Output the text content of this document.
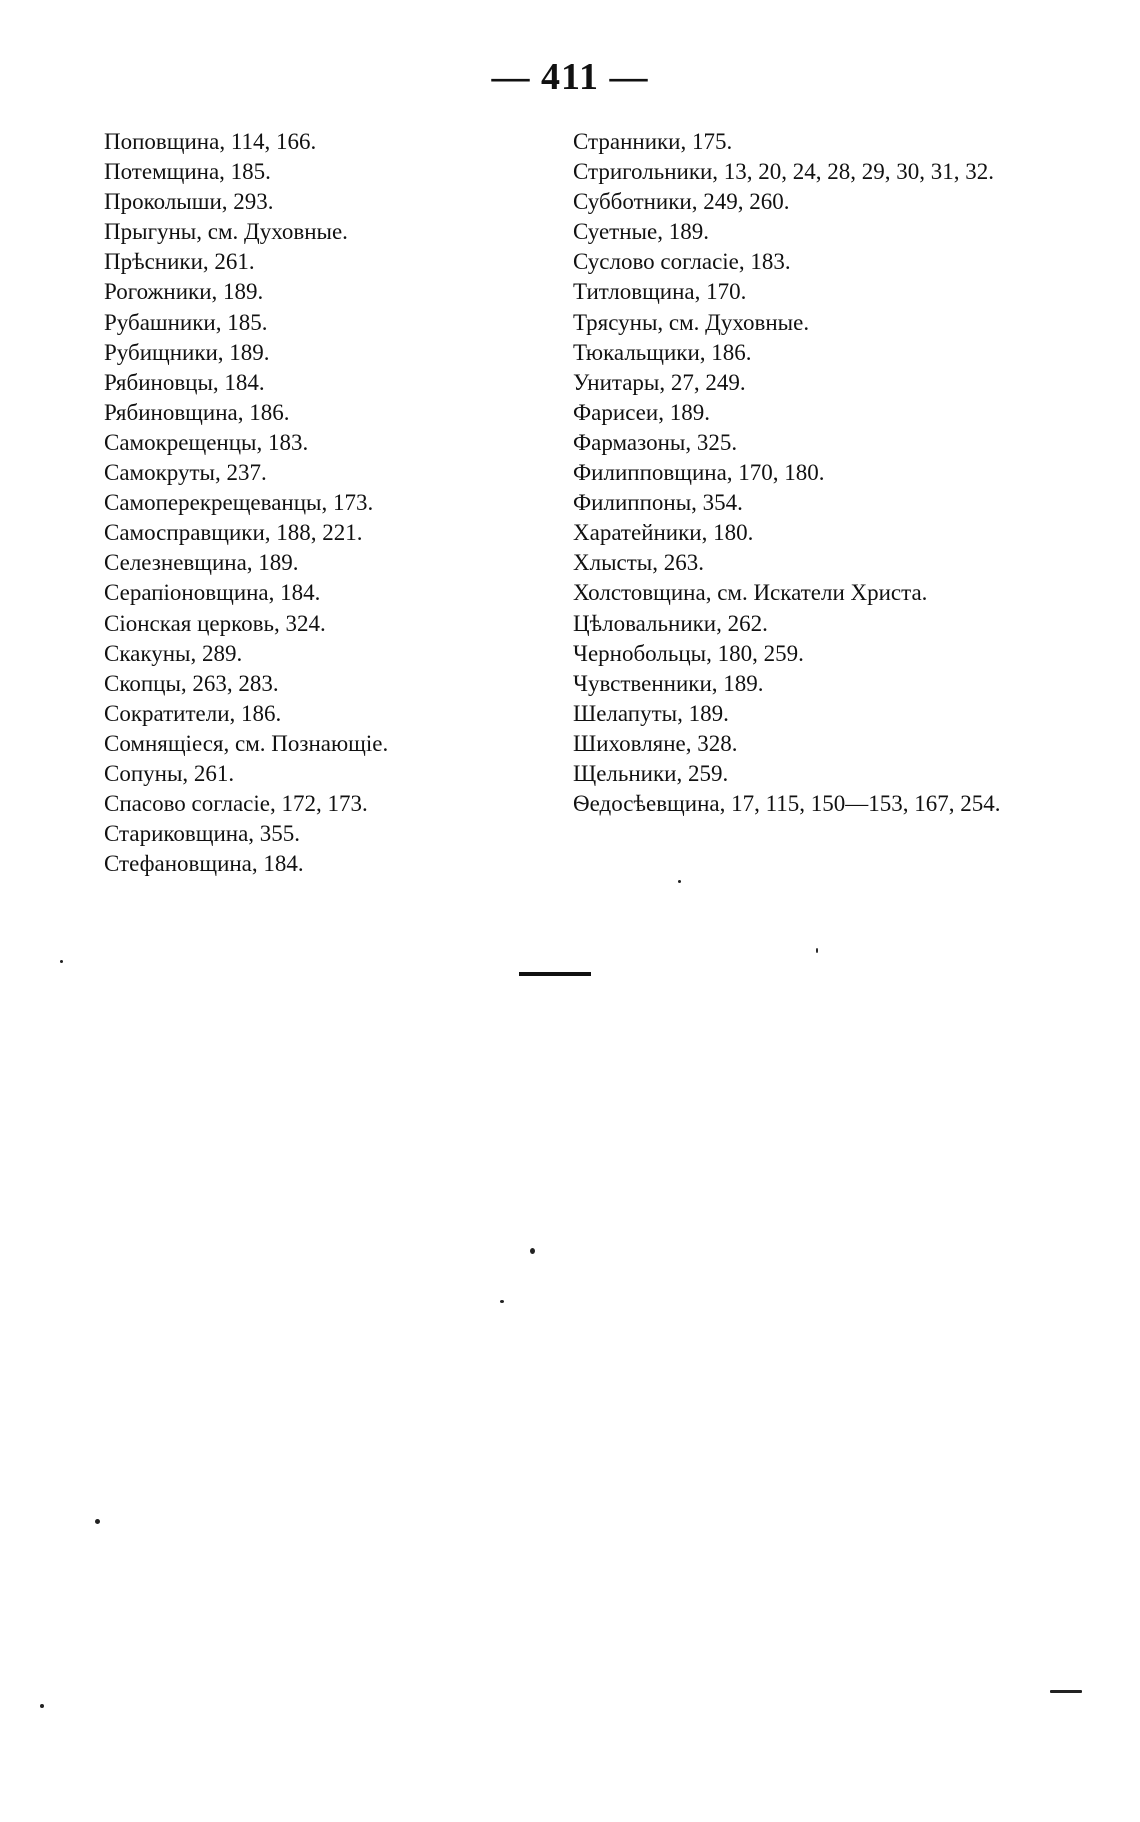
— 411 —
Поповщина, 114, 166.
Потемщина, 185.
Проколыши, 293.
Прыгуны, см. Духовные.
Прѣсники, 261.
Рогожники, 189.
Рубашники, 185.
Рубищники, 189.
Рябиновцы, 184.
Рябиновщина, 186.
Самокрещенцы, 183.
Самокруты, 237.
Самоперекрещеванцы, 173.
Самосправщики, 188, 221.
Селезневщина, 189.
Серапіоновщина, 184.
Сіонская церковь, 324.
Скакуны, 289.
Скопцы, 263, 283.
Сократители, 186.
Сомнящіеся, см. Познающіе.
Сопуны, 261.
Спасово согласіе, 172, 173.
Стариковщина, 355.
Стефановщина, 184.
Странники, 175.
Стригольники, 13, 20, 24, 28, 29, 30, 31, 32.
Субботники, 249, 260.
Суетные, 189.
Суслово согласіе, 183.
Титловщина, 170.
Трясуны, см. Духовные.
Тюкальщики, 186.
Унитары, 27, 249.
Фарисеи, 189.
Фармазоны, 325.
Филипповщина, 170, 180.
Филиппоны, 354.
Харатейники, 180.
Хлысты, 263.
Холстовщина, см. Искатели Христа.
Цѣловальники, 262.
Чернобольцы, 180, 259.
Чувственники, 189.
Шелапуты, 189.
Шиховляне, 328.
Щельники, 259.
Ѳедосѣевщина, 17, 115, 150—153, 167, 254.
